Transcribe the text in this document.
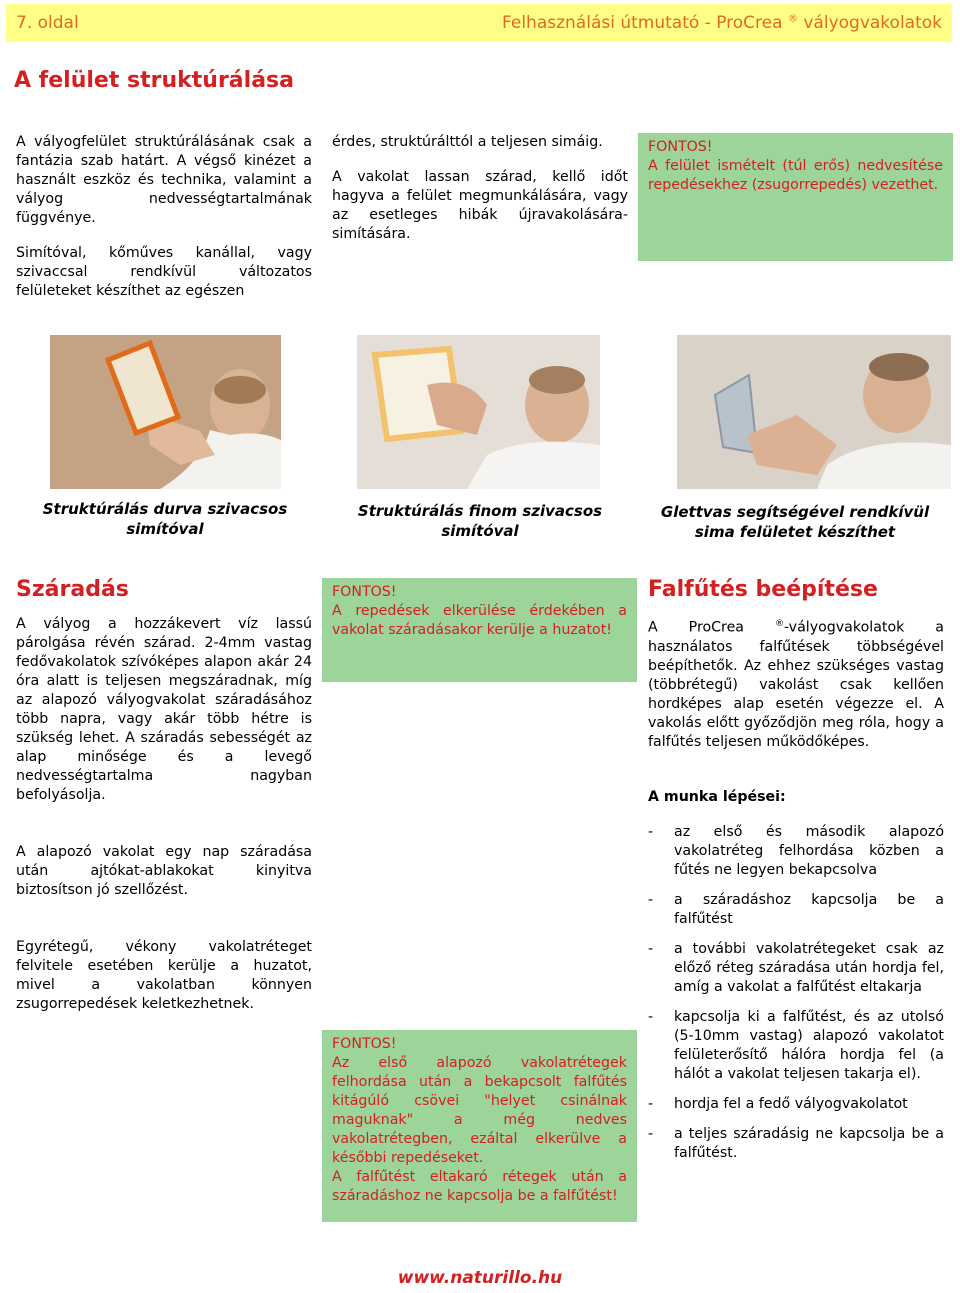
7. oldal	Felhasználási útmutató - ProCrea ® vályogvakolatok
A felület struktúrálása

A vályogfelület struktúrálásának csak a fantázia szab határt. A végső kinézet a használt eszköz és technika, valamint a vályog nedvességtartalmának függvénye.

Simítóval, kőműves kanállal, vagy szivaccsal rendkívül változatos felületeket készíthet az egészen

érdes, struktúrálttól a teljesen simáig.

A vakolat lassan szárad, kellő időt hagyva a felület megmunkálására, vagy az esetleges hibák újravakolására-simítására.

FONTOS!
A felület ismételt (túl erős) nedvesítése repedésekhez (zsugorrepedés) vezethet.
Struktúrálás durva szivacsos simítóval
Struktúrálás finom szivacsos simítóval
Glettvas segítségével rendkívül sima felületet készíthet
Száradás

A vályog a hozzákevert víz lassú párolgása révén szárad. 2-4mm vastag fedővakolatok szívóképes alapon akár 24 óra alatt is teljesen megszáradnak, míg az alapozó vályogvakolat száradásához több napra, vagy akár több hétre is szükség lehet. A száradás sebességét az alap minősége és a levegő nedvességtartalma nagyban befolyásolja.

A alapozó vakolat egy nap száradása után ajtókat-ablakokat kinyitva biztosítson jó szellőzést.

Egyrétegű, vékony vakolatréteget felvitele esetében kerülje a huzatot, mivel a vakolatban könnyen zsugorrepedések keletkezhetnek.

FONTOS!
A repedések elkerülése érdekében a vakolat száradásakor kerülje a huzatot!
FONTOS!
Az első alapozó vakolatrétegek felhordása után a bekapcsolt falfűtés kitágúló csövei "helyet csinálnak maguknak" a még nedves vakolatrétegben, ezáltal elkerülve a későbbi repedéseket.
A falfűtést eltakaró rétegek után a száradáshoz ne kapcsolja be a falfűtést!
Falfűtés beépítése

A ProCrea	®-vályogvakolatok a használatos falfűtések többségével beépíthetők. Az ehhez szükséges vastag (többrétegű) vakolást csak kellően hordképes alap esetén végezze el. A vakolás előtt győződjön meg róla, hogy a falfűtés teljesen működőképes.

A munka lépései:

- az első és második alapozó vakolatréteg felhordása közben a fűtés ne legyen bekapcsolva
- a száradáshoz kapcsolja be a falfűtést
- a további vakolatrétegeket csak az előző réteg száradása után hordja fel, amíg a vakolat a falfűtést eltakarja
- kapcsolja ki a falfűtést, és az utolsó (5-10mm vastag) alapozó vakolatot felületerősítő hálóra hordja fel (a hálót a vakolat teljesen takarja el).
- hordja fel a fedő vályogvakolatot
- a teljes száradásig ne kapcsolja be a falfűtést.
www.naturillo.hu
